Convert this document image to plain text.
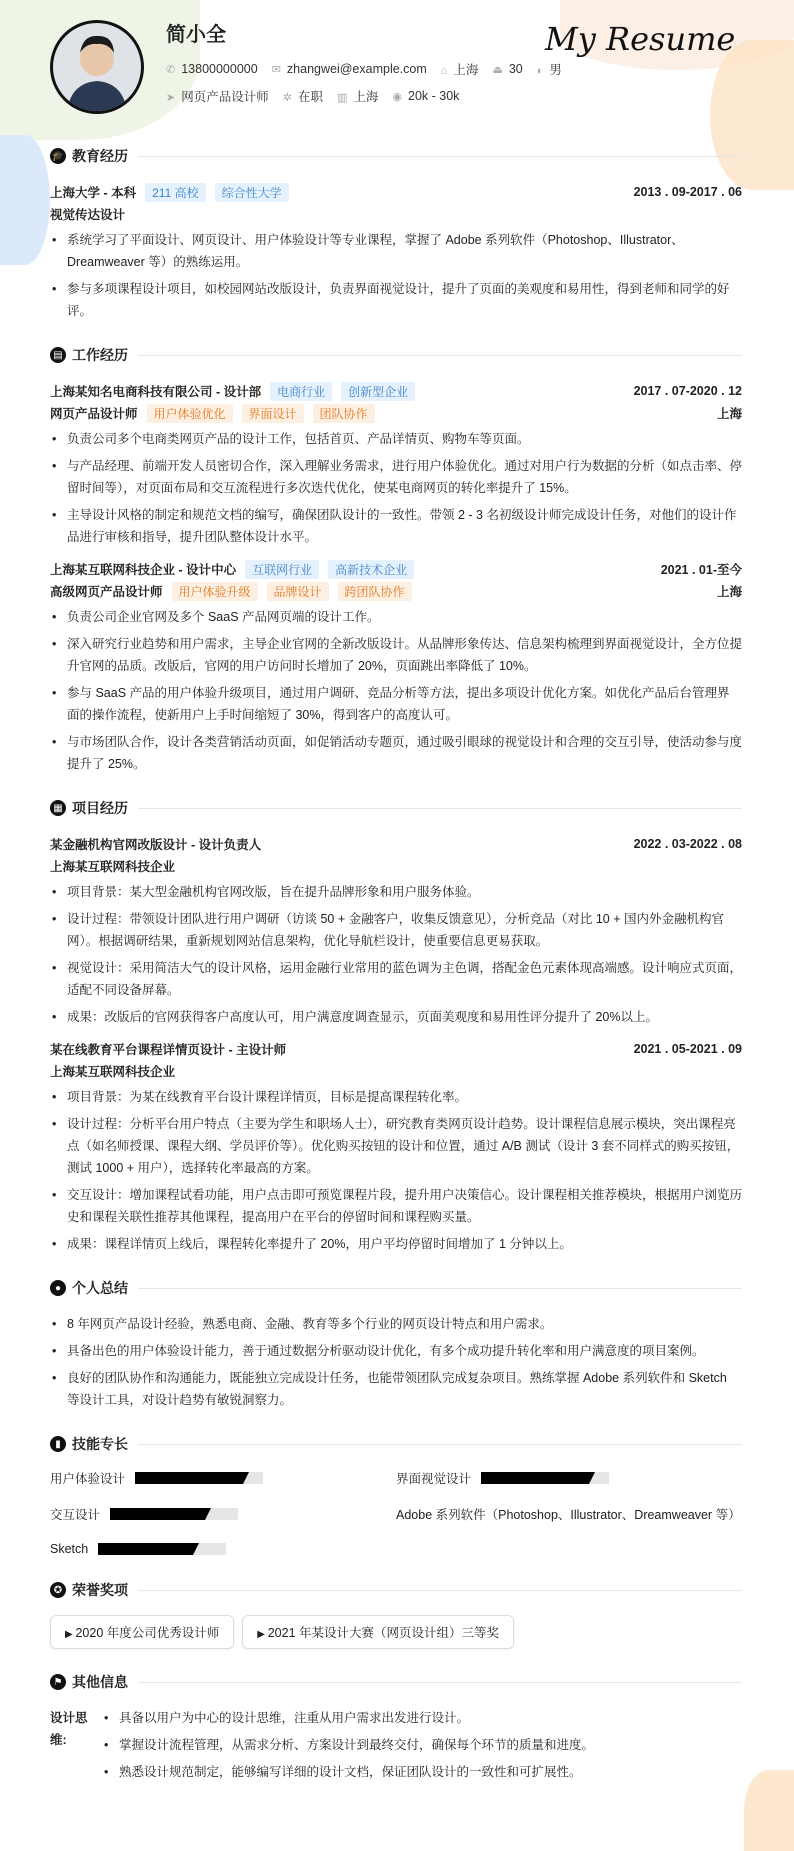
简小全
✆ 13800000000 ✉ zhangwei@example.com ⌂ 上海 ⏏ 30 ◐ 男
➤ 网页产品设计师 ✲ 在职 ▥ 上海 ◉ 20k - 30k
My Resume
🎓 教育经历
上海大学 - 本科	211 高校	综合性大学	2013 . 09-2017 . 06
视觉传达设计
• 系统学习了平面设计、网页设计、用户体验设计等专业课程，掌握了 Adobe 系列软件（Photoshop、Illustrator、Dreamweaver 等）的熟练运用。
• 参与多项课程设计项目，如校园网站改版设计，负责界面视觉设计，提升了页面的美观度和易用性，得到老师和同学的好评。
▤ 工作经历
上海某知名电商科技有限公司 - 设计部	电商行业	创新型企业	2017 . 07-2020 . 12
网页产品设计师	用户体验优化	界面设计	团队协作	上海
• 负责公司多个电商类网页产品的设计工作，包括首页、产品详情页、购物车等页面。
• 与产品经理、前端开发人员密切合作，深入理解业务需求，进行用户体验优化。通过对用户行为数据的分析（如点击率、停留时间等），对页面布局和交互流程进行多次迭代优化，使某电商网页的转化率提升了 15%。
• 主导设计风格的制定和规范文档的编写，确保团队设计的一致性。带领 2 - 3 名初级设计师完成设计任务，对他们的设计作品进行审核和指导，提升团队整体设计水平。
上海某互联网科技企业 - 设计中心	互联网行业	高新技术企业	2021 . 01-至今
高级网页产品设计师	用户体验升级	品牌设计	跨团队协作	上海
• 负责公司企业官网及多个 SaaS 产品网页端的设计工作。
• 深入研究行业趋势和用户需求，主导企业官网的全新改版设计。从品牌形象传达、信息架构梳理到界面视觉设计，全方位提升官网的品质。改版后，官网的用户访问时长增加了 20%，页面跳出率降低了 10%。
• 参与 SaaS 产品的用户体验升级项目，通过用户调研、竞品分析等方法，提出多项设计优化方案。如优化产品后台管理界面的操作流程，使新用户上手时间缩短了 30%，得到客户的高度认可。
• 与市场团队合作，设计各类营销活动页面，如促销活动专题页，通过吸引眼球的视觉设计和合理的交互引导，使活动参与度提升了 25%。
▦ 项目经历
某金融机构官网改版设计 - 设计负责人	2022 . 03-2022 . 08
上海某互联网科技企业
• 项目背景：某大型金融机构官网改版，旨在提升品牌形象和用户服务体验。
• 设计过程：带领设计团队进行用户调研（访谈 50 + 金融客户，收集反馈意见），分析竞品（对比 10 + 国内外金融机构官网）。根据调研结果，重新规划网站信息架构，优化导航栏设计，使重要信息更易获取。
• 视觉设计：采用简洁大气的设计风格，运用金融行业常用的蓝色调为主色调，搭配金色元素体现高端感。设计响应式页面，适配不同设备屏幕。
• 成果：改版后的官网获得客户高度认可，用户满意度调查显示，页面美观度和易用性评分提升了 20%以上。
某在线教育平台课程详情页设计 - 主设计师	2021 . 05-2021 . 09
上海某互联网科技企业
• 项目背景：为某在线教育平台设计课程详情页，目标是提高课程转化率。
• 设计过程：分析平台用户特点（主要为学生和职场人士），研究教育类网页设计趋势。设计课程信息展示模块，突出课程亮点（如名师授课、课程大纲、学员评价等）。优化购买按钮的设计和位置，通过 A/B 测试（设计 3 套不同样式的购买按钮，测试 1000 + 用户），选择转化率最高的方案。
• 交互设计：增加课程试看功能，用户点击即可预览课程片段，提升用户决策信心。设计课程相关推荐模块，根据用户浏览历史和课程关联性推荐其他课程，提高用户在平台的停留时间和课程购买量。
• 成果：课程详情页上线后，课程转化率提升了 20%，用户平均停留时间增加了 1 分钟以上。
● 个人总结
• 8 年网页产品设计经验，熟悉电商、金融、教育等多个行业的网页设计特点和用户需求。
• 具备出色的用户体验设计能力，善于通过数据分析驱动设计优化，有多个成功提升转化率和用户满意度的项目案例。
• 良好的团队协作和沟通能力，既能独立完成设计任务，也能带领团队完成复杂项目。熟练掌握 Adobe 系列软件和 Sketch 等设计工具，对设计趋势有敏锐洞察力。
▮ 技能专长
用户体验设计	界面视觉设计
交互设计	Adobe 系列软件（Photoshop、Illustrator、Dreamweaver 等）
Sketch
✪ 荣誉奖项
▶ 2020 年度公司优秀设计师	▶ 2021 年某设计大赛（网页设计组）三等奖
⚑ 其他信息
设计思维:
• 具备以用户为中心的设计思维，注重从用户需求出发进行设计。
• 掌握设计流程管理，从需求分析、方案设计到最终交付，确保每个环节的质量和进度。
• 熟悉设计规范制定，能够编写详细的设计文档，保证团队设计的一致性和可扩展性。
